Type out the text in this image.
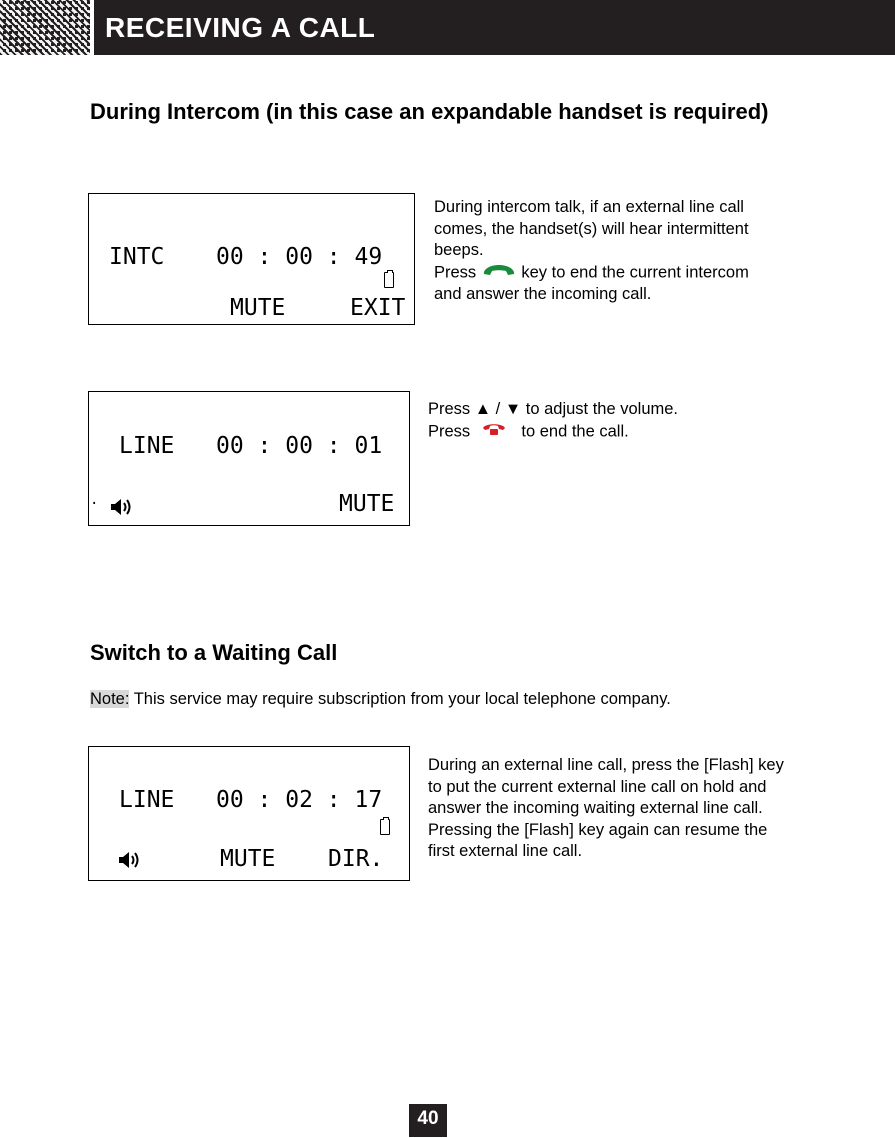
RECEIVING A CALL
During Intercom (in this case an expandable handset is required)
INTC 00 : 00 : 49
MUTE	EXIT
During intercom talk, if an external line call comes, the handset(s) will hear intermittent beeps.
Press	key to end the current intercom and answer the incoming call.
LINE 00 : 00 : 01
.	MUTE
Press ▲ / ▼ to adjust the volume.
Press	to end the call.
Switch to a Waiting Call
Note: This service may require subscription from your local telephone company.
LINE 00 : 02 : 17
MUTE DIR.
During an external line call, press the [Flash] key to put the current external line call on hold and answer the incoming waiting external line call. Pressing the [Flash] key again can resume the first external line call.
40
